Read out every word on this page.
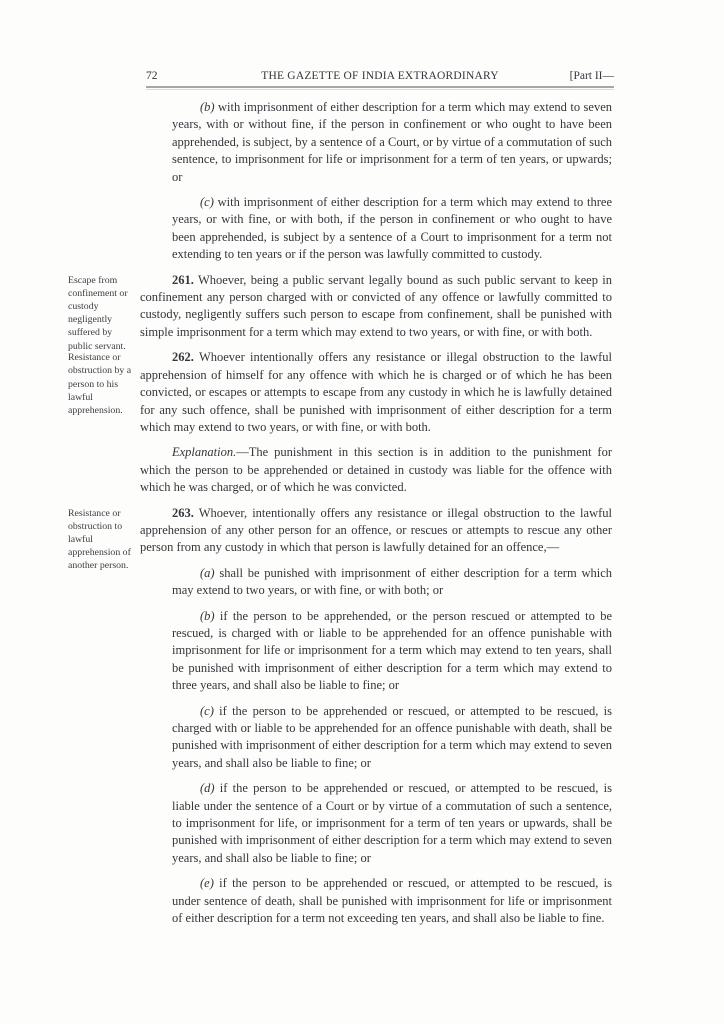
72	THE GAZETTE OF INDIA EXTRAORDINARY	[Part II—

(b) with imprisonment of either description for a term which may extend to seven years, with or without fine, if the person in confinement or who ought to have been apprehended, is subject, by a sentence of a Court, or by virtue of a commutation of such sentence, to imprisonment for life or imprisonment for a term of ten years, or upwards; or

(c) with imprisonment of either description for a term which may extend to three years, or with fine, or with both, if the person in confinement or who ought to have been apprehended, is subject by a sentence of a Court to imprisonment for a term not extending to ten years or if the person was lawfully committed to custody.

Escape from confinement or custody negligently suffered by public servant.

261. Whoever, being a public servant legally bound as such public servant to keep in confinement any person charged with or convicted of any offence or lawfully committed to custody, negligently suffers such person to escape from confinement, shall be punished with simple imprisonment for a term which may extend to two years, or with fine, or with both.

Resistance or obstruction by a person to his lawful apprehension.

262. Whoever intentionally offers any resistance or illegal obstruction to the lawful apprehension of himself for any offence with which he is charged or of which he has been convicted, or escapes or attempts to escape from any custody in which he is lawfully detained for any such offence, shall be punished with imprisonment of either description for a term which may extend to two years, or with fine, or with both.

Explanation.—The punishment in this section is in addition to the punishment for which the person to be apprehended or detained in custody was liable for the offence with which he was charged, or of which he was convicted.

Resistance or obstruction to lawful apprehension of another person.

263. Whoever, intentionally offers any resistance or illegal obstruction to the lawful apprehension of any other person for an offence, or rescues or attempts to rescue any other person from any custody in which that person is lawfully detained for an offence,—

(a) shall be punished with imprisonment of either description for a term which may extend to two years, or with fine, or with both; or

(b) if the person to be apprehended, or the person rescued or attempted to be rescued, is charged with or liable to be apprehended for an offence punishable with imprisonment for life or imprisonment for a term which may extend to ten years, shall be punished with imprisonment of either description for a term which may extend to three years, and shall also be liable to fine; or

(c) if the person to be apprehended or rescued, or attempted to be rescued, is charged with or liable to be apprehended for an offence punishable with death, shall be punished with imprisonment of either description for a term which may extend to seven years, and shall also be liable to fine; or

(d) if the person to be apprehended or rescued, or attempted to be rescued, is liable under the sentence of a Court or by virtue of a commutation of such a sentence, to imprisonment for life, or imprisonment for a term of ten years or upwards, shall be punished with imprisonment of either description for a term which may extend to seven years, and shall also be liable to fine; or

(e) if the person to be apprehended or rescued, or attempted to be rescued, is under sentence of death, shall be punished with imprisonment for life or imprisonment of either description for a term not exceeding ten years, and shall also be liable to fine.
